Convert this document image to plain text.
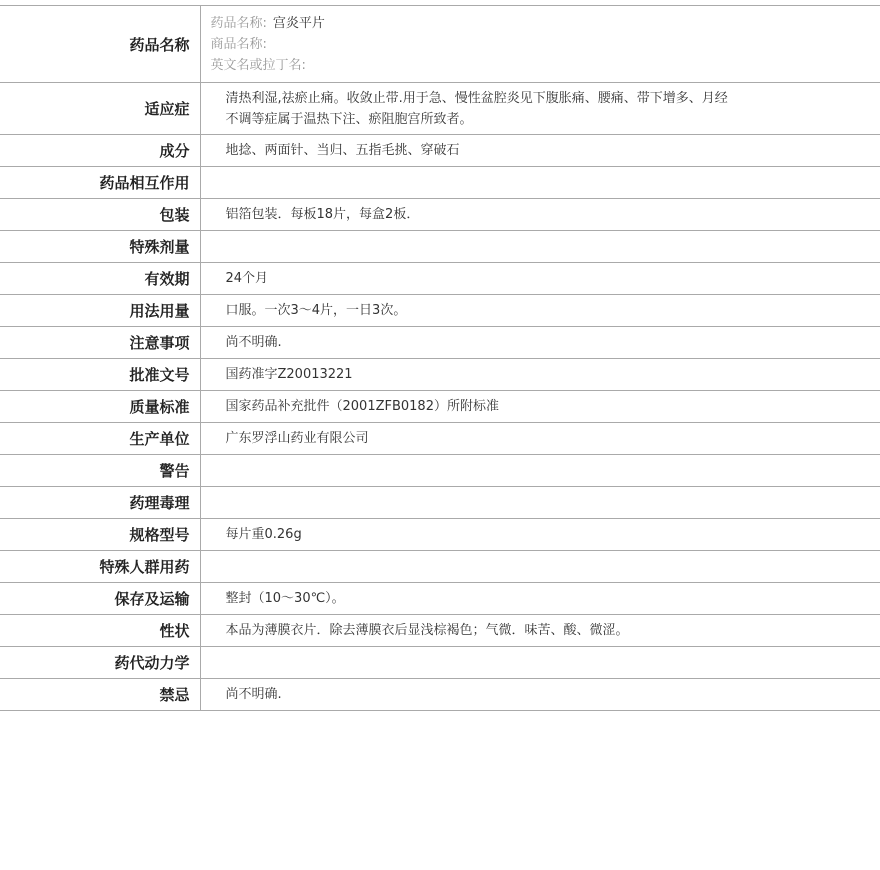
药品名称	药品名称: 宫炎平片
商品名称:
英文名或拉丁名:

适应症	清热利湿,祛瘀止痛。收敛止带.用于急、慢性盆腔炎见下腹胀痛、腰痛、带下增多、月经
不调等症属于温热下注、瘀阻胞宫所致者。

成分	地捻、两面针、当归、五指毛挑、穿破石
药品相互作用	
包装	铝箔包装．每板18片，每盒2板．
特殊剂量	
有效期	24个月
用法用量	口服。一次3～4片，一日3次。
注意事项	尚不明确.
批准文号	国药准字Z20013221
质量标准	国家药品补充批件（2001ZFB0182）所附标准
生产单位	广东罗浮山药业有限公司
警告	
药理毒理	
规格型号	每片重0.26g
特殊人群用药	
保存及运输	整封（10～30℃）。
性状	本品为薄膜衣片．除去薄膜衣后显浅棕褐色；气微．味苦、酸、微涩。
药代动力学	
禁忌	尚不明确.
